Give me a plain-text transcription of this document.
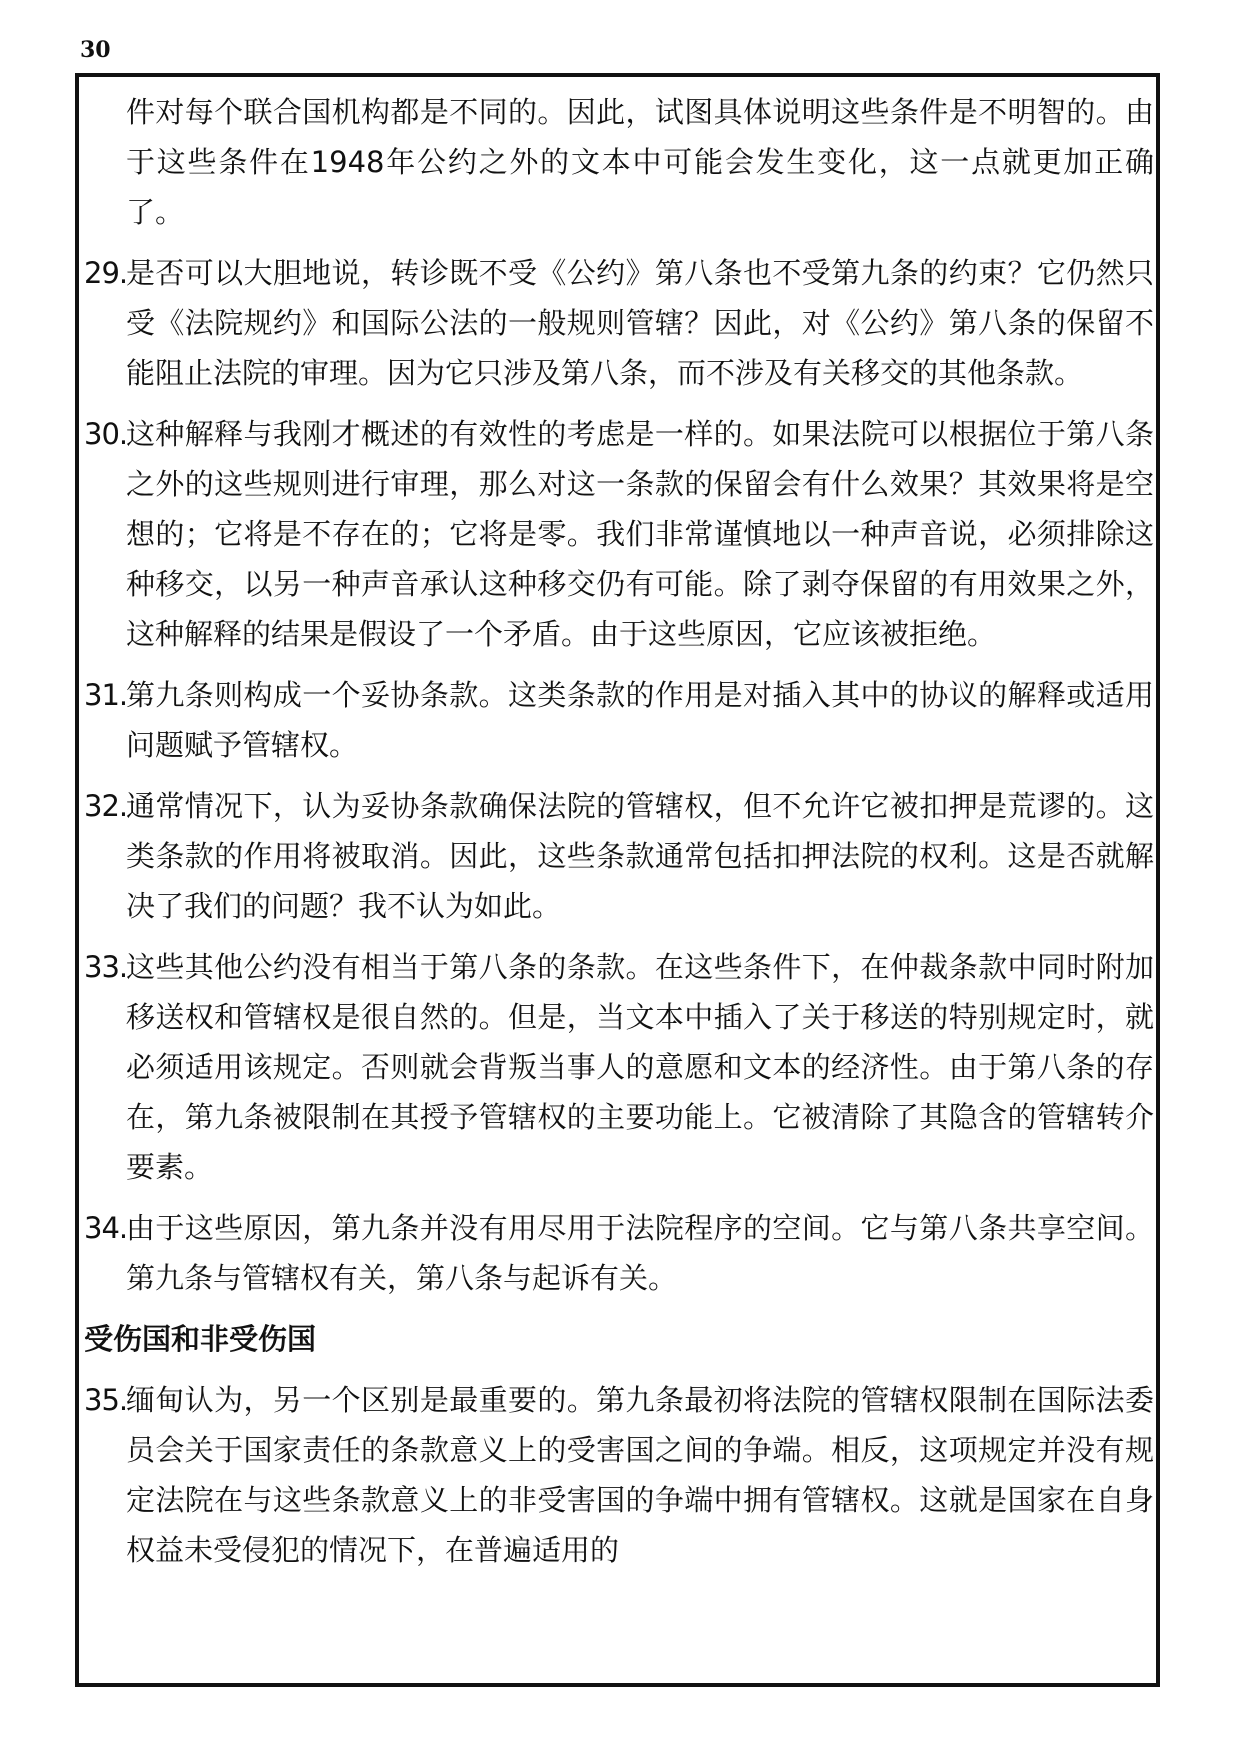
30
件对每个联合国机构都是不同的。因此，试图具体说明这些条件是不明智的。由于这些条件在1948年公约之外的文本中可能会发生变化，这一点就更加正确了。
29.
是否可以大胆地说，转诊既不受《公约》第八条也不受第九条的约束？它仍然只受《法院规约》和国际公法的一般规则管辖？因此，对《公约》第八条的保留不能阻止法院的审理。因为它只涉及第八条，而不涉及有关移交的其他条款。
30.
这种解释与我刚才概述的有效性的考虑是一样的。如果法院可以根据位于第八条之外的这些规则进行审理，那么对这一条款的保留会有什么效果？其效果将是空想的；它将是不存在的；它将是零。我们非常谨慎地以一种声音说，必须排除这种移交，以另一种声音承认这种移交仍有可能。除了剥夺保留的有用效果之外，这种解释的结果是假设了一个矛盾。由于这些原因，它应该被拒绝。
31.
第九条则构成一个妥协条款。这类条款的作用是对插入其中的协议的解释或适用问题赋予管辖权。
32.
通常情况下，认为妥协条款确保法院的管辖权，但不允许它被扣押是荒谬的。这类条款的作用将被取消。因此，这些条款通常包括扣押法院的权利。这是否就解决了我们的问题？我不认为如此。
33.
这些其他公约没有相当于第八条的条款。在这些条件下，在仲裁条款中同时附加移送权和管辖权是很自然的。但是，当文本中插入了关于移送的特别规定时，就必须适用该规定。否则就会背叛当事人的意愿和文本的经济性。由于第八条的存在，第九条被限制在其授予管辖权的主要功能上。它被清除了其隐含的管辖转介要素。
34.
由于这些原因，第九条并没有用尽用于法院程序的空间。它与第八条共享空间。第九条与管辖权有关，第八条与起诉有关。
受伤国和非受伤国
35.
缅甸认为，另一个区别是最重要的。第九条最初将法院的管辖权限制在国际法委员会关于国家责任的条款意义上的受害国之间的争端。相反，这项规定并没有规定法院在与这些条款意义上的非受害国的争端中拥有管辖权。这就是国家在自身权益未受侵犯的情况下，在普遍适用的
